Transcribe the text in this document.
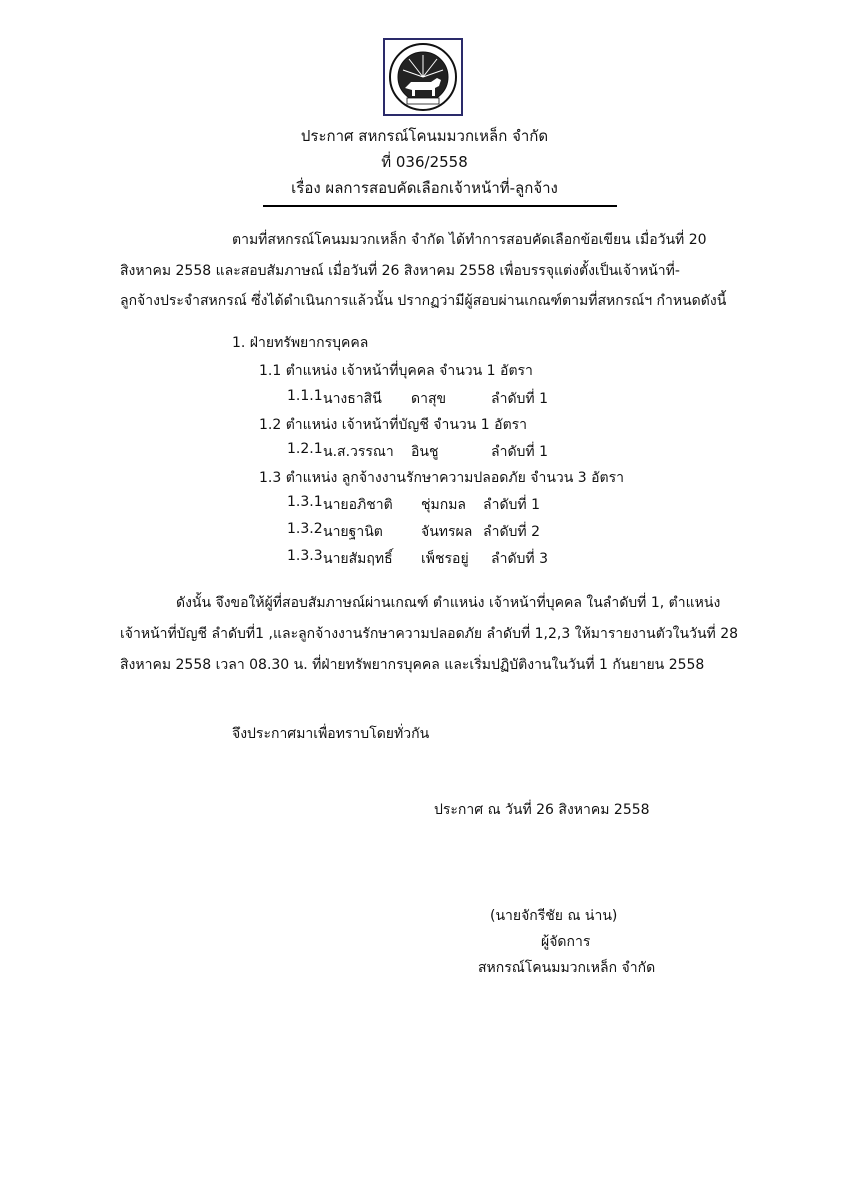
ประกาศ สหกรณ์โคนมมวกเหล็ก จำกัด
ที่ 036/2558
เรื่อง ผลการสอบคัดเลือกเจ้าหน้าที่-ลูกจ้าง
ตามที่สหกรณ์โคนมมวกเหล็ก จำกัด ได้ทำการสอบคัดเลือกข้อเขียน เมื่อวันที่ 20
สิงหาคม 2558 และสอบสัมภาษณ์ เมื่อวันที่ 26 สิงหาคม 2558 เพื่อบรรจุแต่งตั้งเป็นเจ้าหน้าที่-
ลูกจ้างประจำสหกรณ์ ซึ่งได้ดำเนินการแล้วนั้น ปรากฏว่ามีผู้สอบผ่านเกณฑ์ตามที่สหกรณ์ฯ กำหนดดังนี้
1. ฝ่ายทรัพยากรบุคคล
1.1 ตำแหน่ง เจ้าหน้าที่บุคคล จำนวน 1 อัตรา
1.1.1 นางธาสินี ดาสุข	ลำดับที่ 1
1.2 ตำแหน่ง เจ้าหน้าที่บัญชี จำนวน 1 อัตรา
1.2.1 น.ส.วรรณา อินชู	ลำดับที่ 1
1.3 ตำแหน่ง ลูกจ้างงานรักษาความปลอดภัย จำนวน 3 อัตรา
1.3.1 นายอภิชาติ ชุ่มกมล ลำดับที่ 1
1.3.2 นายฐานิต	จันทรผล ลำดับที่ 2
1.3.3 นายสัมฤทธิ์ เพ็ชรอยู่ ลำดับที่ 3
ดังนั้น จึงขอให้ผู้ที่สอบสัมภาษณ์ผ่านเกณฑ์ ตำแหน่ง เจ้าหน้าที่บุคคล ในลำดับที่ 1, ตำแหน่ง
เจ้าหน้าที่บัญชี ลำดับที่1 ,และลูกจ้างงานรักษาความปลอดภัย ลำดับที่ 1,2,3 ให้มารายงานตัวในวันที่ 28
สิงหาคม 2558 เวลา 08.30 น. ที่ฝ่ายทรัพยากรบุคคล และเริ่มปฏิบัติงานในวันที่ 1 กันยายน 2558
จึงประกาศมาเพื่อทราบโดยทั่วกัน
ประกาศ ณ วันที่ 26 สิงหาคม 2558
(นายจักรีชัย ณ น่าน)
ผู้จัดการ
สหกรณ์โคนมมวกเหล็ก จำกัด
